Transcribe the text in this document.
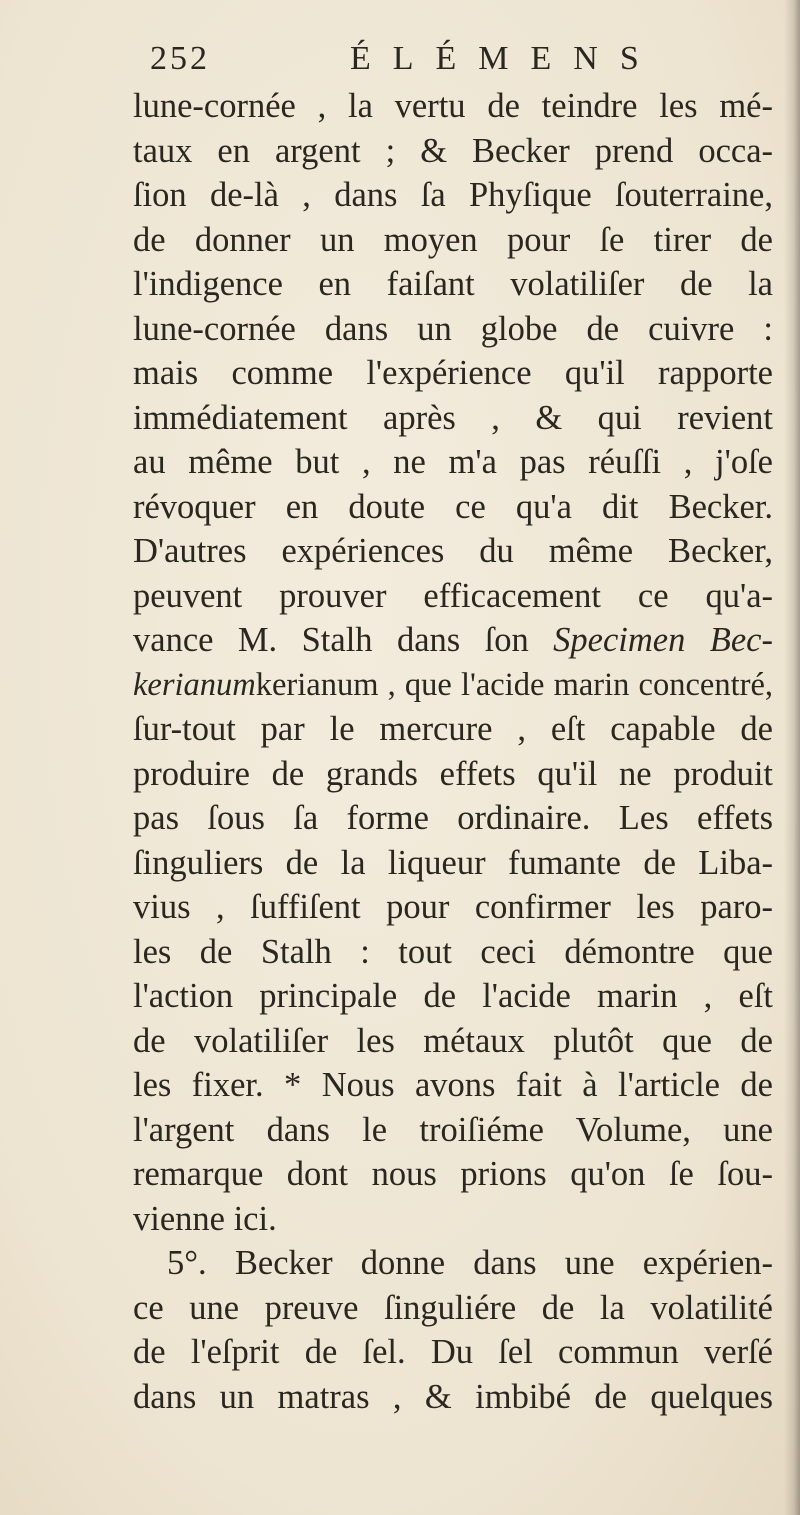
252	ÉLÉMENS
lune-cornée , la vertu de teindre les mé-
taux en argent ; & Becker prend occa-
ſion de-là , dans ſa Phyſique ſouterraine,
de donner un moyen pour ſe tirer de
l'indigence en faiſant volatiliſer de la
lune-cornée dans un globe de cuivre :
mais comme l'expérience qu'il rapporte
immédiatement après , & qui revient
au même but , ne m'a pas réuſſi , j'oſe
révoquer en doute ce qu'a dit Becker.
D'autres expériences du même Becker,
peuvent prouver efficacement ce qu'a-
vance M. Stalh dans ſon Specimen Bec-
kerianumkerianum , que l'acide marin concentré,
ſur-tout par le mercure , eſt capable de
produire de grands effets qu'il ne produit
pas ſous ſa forme ordinaire. Les effets
ſinguliers de la liqueur fumante de Liba-
vius , ſuffiſent pour confirmer les paro-
les de Stalh : tout ceci démontre que
l'action principale de l'acide marin , eſt
de volatiliſer les métaux plutôt que de
les fixer. * Nous avons fait à l'article de
l'argent dans le troiſiéme Volume, une
remarque dont nous prions qu'on ſe ſou-
vienne ici.
5°. Becker donne dans une expérien-
ce une preuve ſinguliére de la volatilité
de l'eſprit de ſel. Du ſel commun verſé
dans un matras , & imbibé de quelques
